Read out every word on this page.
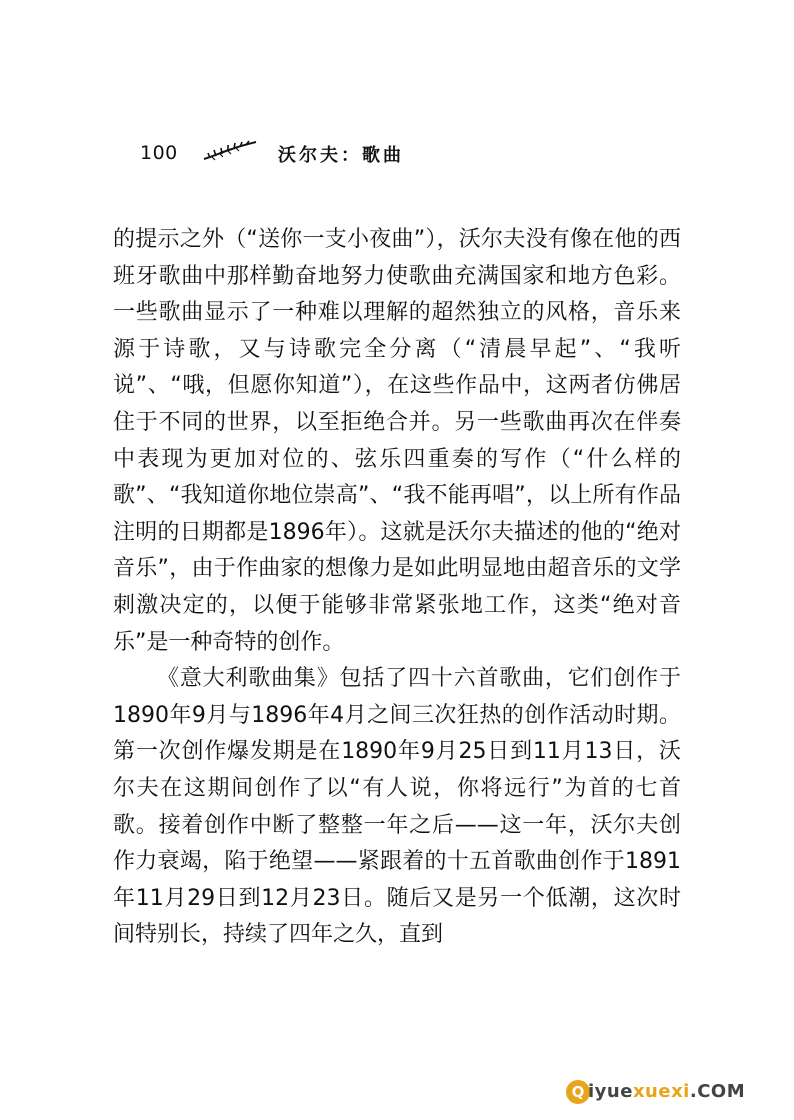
100	沃尔夫：歌曲

的提示之外（“送你一支小夜曲”），沃尔夫没有像在他的西班牙歌曲中那样勤奋地努力使歌曲充满国家和地方色彩。一些歌曲显示了一种难以理解的超然独立的风格，音乐来源于诗歌，又与诗歌完全分离（“清晨早起”、“我听说”、“哦，但愿你知道”），在这些作品中，这两者仿佛居住于不同的世界，以至拒绝合并。另一些歌曲再次在伴奏中表现为更加对位的、弦乐四重奏的写作（“什么样的歌”、“我知道你地位崇高”、“我不能再唱”，以上所有作品注明的日期都是1896年）。这就是沃尔夫描述的他的“绝对音乐”，由于作曲家的想像力是如此明显地由超音乐的文学刺激决定的，以便于能够非常紧张地工作，这类“绝对音乐”是一种奇特的创作。

《意大利歌曲集》包括了四十六首歌曲，它们创作于1890年9月与1896年4月之间三次狂热的创作活动时期。第一次创作爆发期是在1890年9月25日到11月13日，沃尔夫在这期间创作了以“有人说，你将远行”为首的七首歌。接着创作中断了整整一年之后——这一年，沃尔夫创作力衰竭，陷于绝望——紧跟着的十五首歌曲创作于1891年11月29日到12月23日。随后又是另一个低潮，这次时间特别长，持续了四年之久，直到

Q iyuexuexi.COM
